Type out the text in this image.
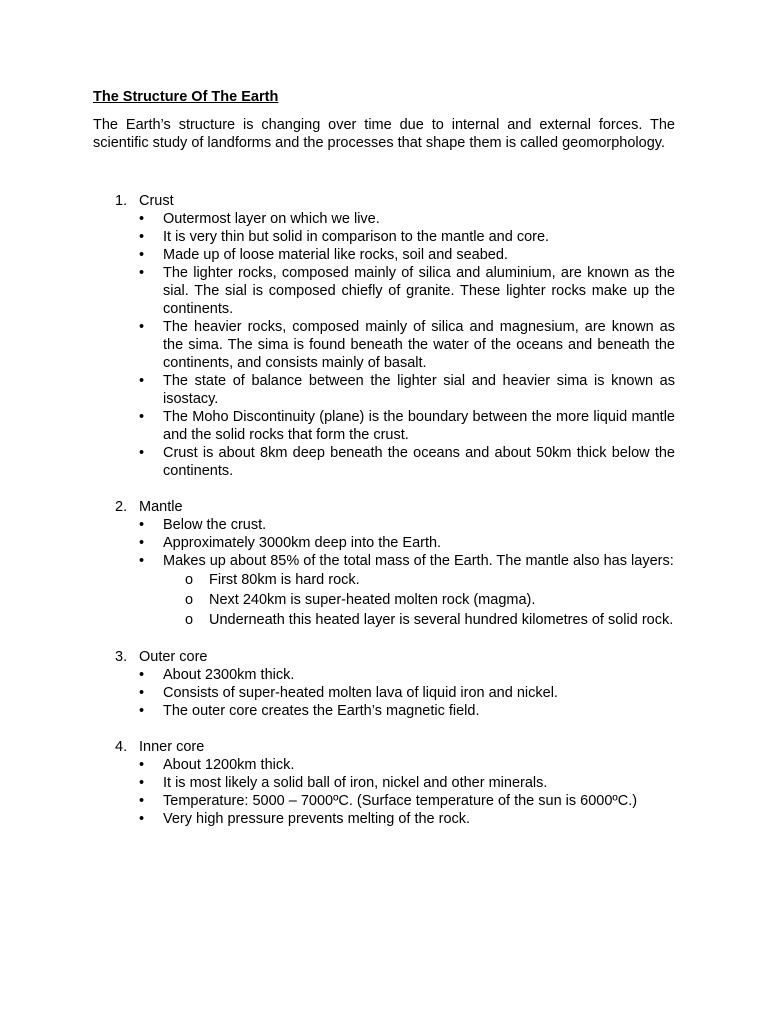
The Structure Of The Earth

The Earth’s structure is changing over time due to internal and external forces. The scientific study of landforms and the processes that shape them is called geomorphology.

1. Crust
•	Outermost layer on which we live.
•	It is very thin but solid in comparison to the mantle and core.
•	Made up of loose material like rocks, soil and seabed.
•	The lighter rocks, composed mainly of silica and aluminium, are known as the sial. The sial is composed chiefly of granite. These lighter rocks make up the continents.
•	The heavier rocks, composed mainly of silica and magnesium, are known as the sima. The sima is found beneath the water of the oceans and beneath the continents, and consists mainly of basalt.
•	The state of balance between the lighter sial and heavier sima is known as isostacy.
•	The Moho Discontinuity (plane) is the boundary between the more liquid mantle and the solid rocks that form the crust.
•	Crust is about 8km deep beneath the oceans and about 50km thick below the continents.
2. Mantle
•	Below the crust.
•	Approximately 3000km deep into the Earth.
•	Makes up about 85% of the total mass of the Earth. The mantle also has layers:
o First 80km is hard rock.
o Next 240km is super-heated molten rock (magma).
o Underneath this heated layer is several hundred kilometres of solid rock.
3. Outer core
•	About 2300km thick.
•	Consists of super-heated molten lava of liquid iron and nickel.
•	The outer core creates the Earth’s magnetic field.
4. Inner core
•	About 1200km thick.
•	It is most likely a solid ball of iron, nickel and other minerals.
•	Temperature: 5000 – 7000ºC. (Surface temperature of the sun is 6000ºC.)
•	Very high pressure prevents melting of the rock.
